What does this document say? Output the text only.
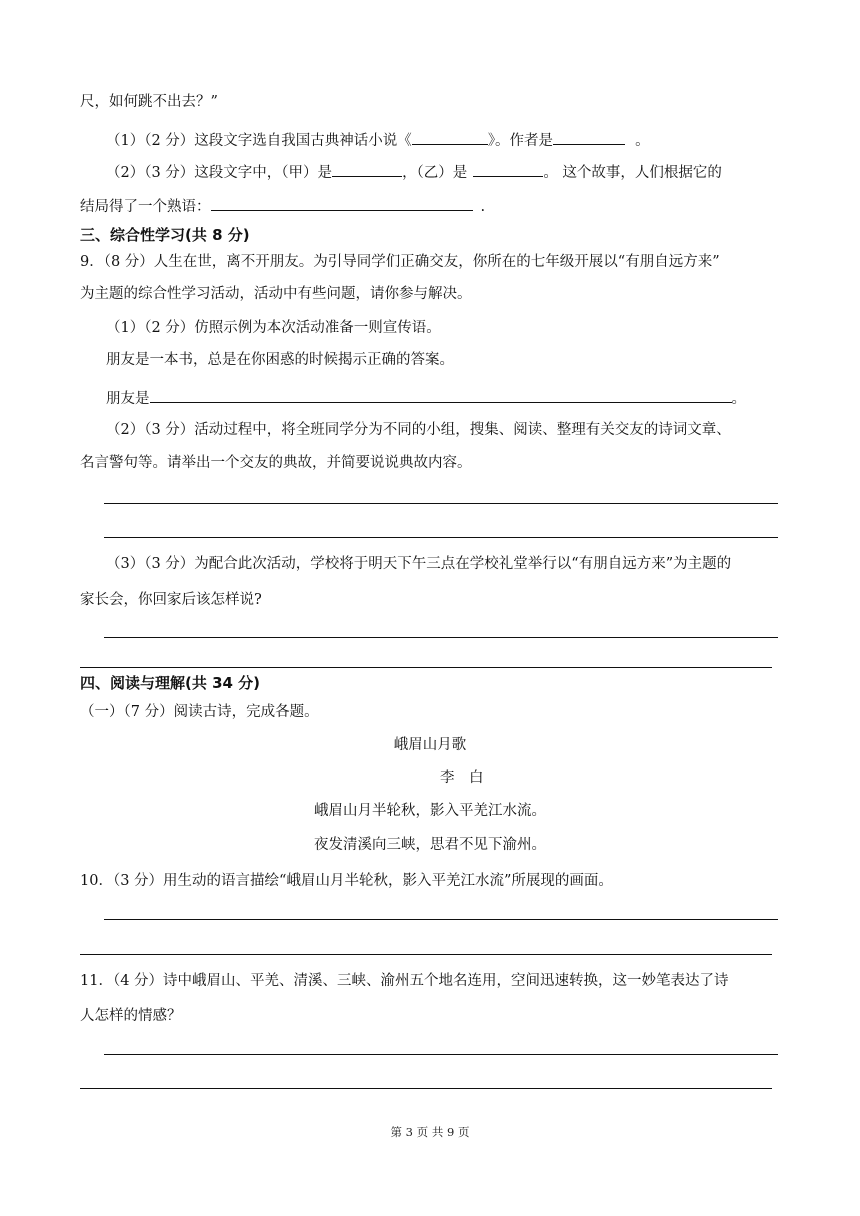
尺，如何跳不出去？”
（1）（2 分）这段文字选自我国古典神话小说《	》。作者是	。
（2）（3 分）这段文字中，（甲）是	，（乙）是	。 这个故事，人们根据它的
结局得了一个熟语：	.
三、综合性学习(共 8 分)
9．（8 分）人生在世，离不开朋友。为引导同学们正确交友，你所在的七年级开展以“有朋自远方来”
为主题的综合性学习活动，活动中有些问题，请你参与解决。
（1）（2 分）仿照示例为本次活动准备一则宣传语。
朋友是一本书，总是在你困惑的时候揭示正确的答案。
朋友是	。
（2）（3 分）活动过程中，将全班同学分为不同的小组，搜集、阅读、整理有关交友的诗词文章、
名言警句等。请举出一个交友的典故，并简要说说典故内容。
（3）（3 分）为配合此次活动，学校将于明天下午三点在学校礼堂举行以“有朋自远方来”为主题的
家长会，你回家后该怎样说?
四、阅读与理解(共 34 分)
（一）（7 分）阅读古诗，完成各题。
峨眉山月歌
李　白
峨眉山月半轮秋，影入平羌江水流。
夜发清溪向三峡，思君不见下渝州。
10．（3 分）用生动的语言描绘“峨眉山月半轮秋，影入平羌江水流”所展现的画面。
11．（4 分）诗中峨眉山、平羌、清溪、三峡、渝州五个地名连用，空间迅速转换，这一妙笔表达了诗
人怎样的情感？
第 3 页 共 9 页
